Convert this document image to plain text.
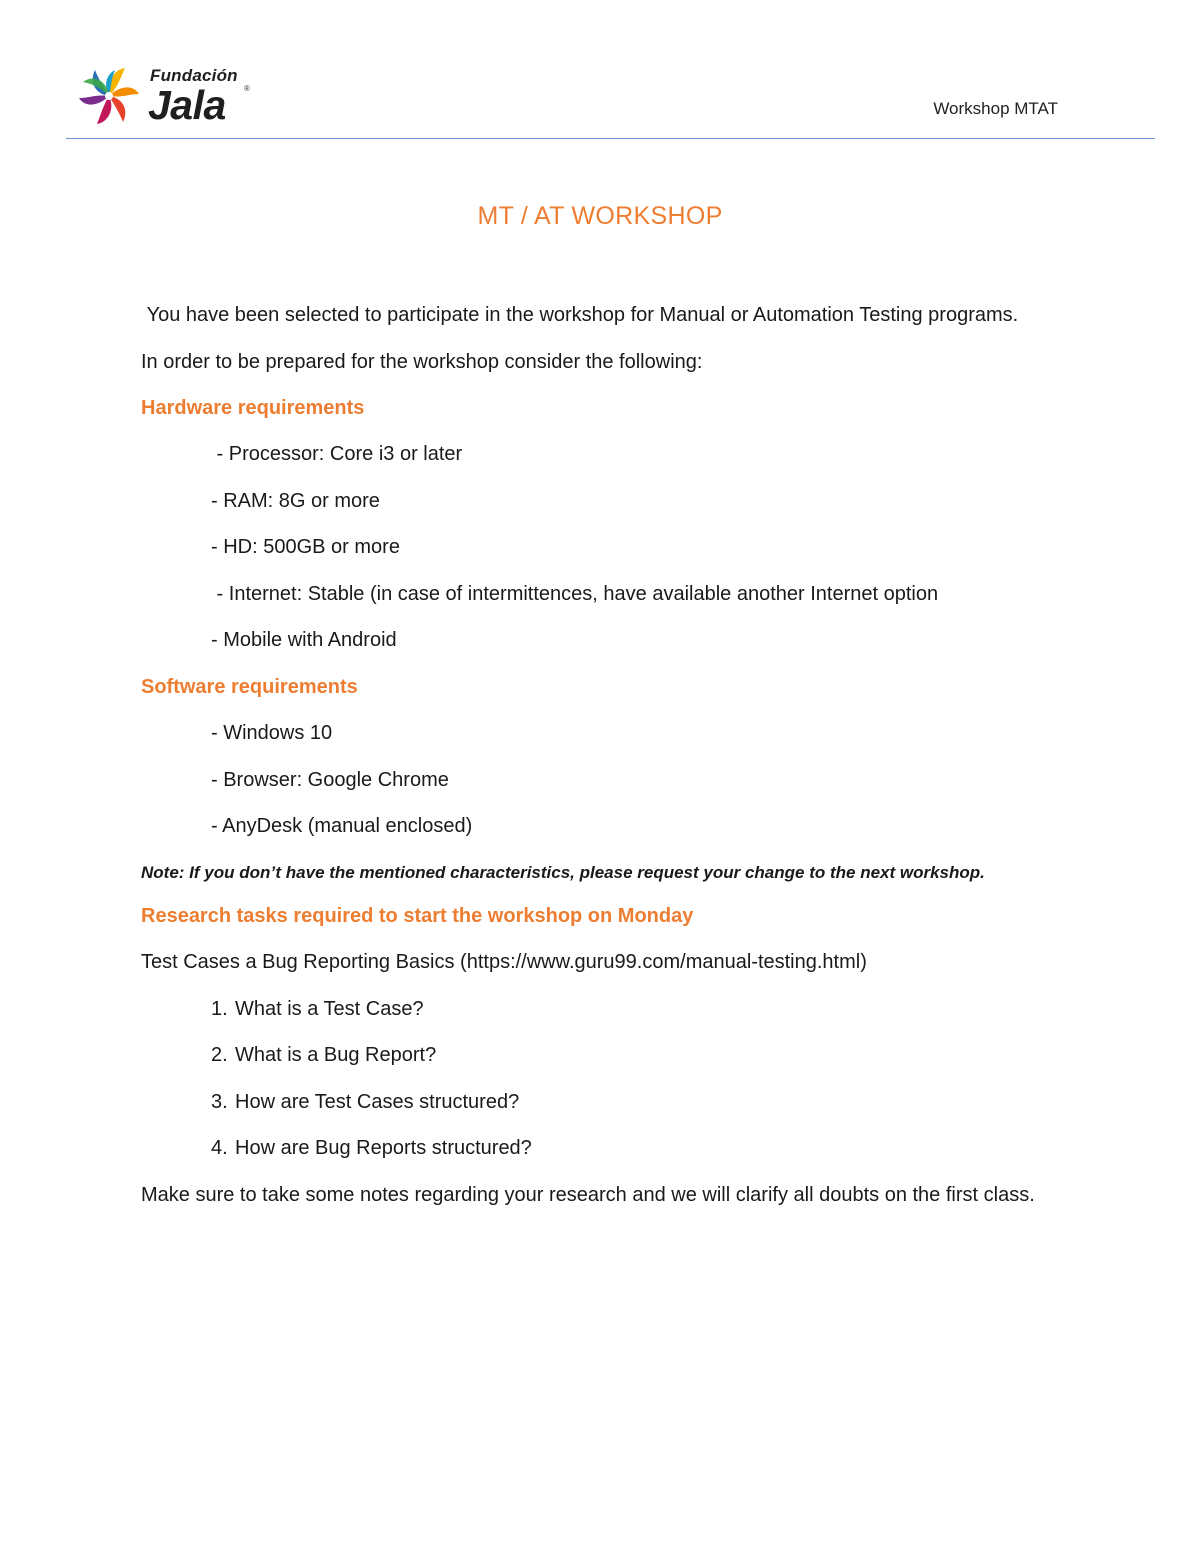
Fundación
Jala ®
Workshop MTAT
MT / AT WORKSHOP

You have been selected to participate in the workshop for Manual or Automation Testing programs.

In order to be prepared for the workshop consider the following:

Hardware requirements

- Processor: Core i3 or later

- RAM: 8G or more

- HD: 500GB or more

- Internet: Stable (in case of intermittences, have available another Internet option

- Mobile with Android

Software requirements

- Windows 10

- Browser: Google Chrome

- AnyDesk (manual enclosed)

Note: If you don’t have the mentioned characteristics, please request your change to the next workshop.

Research tasks required to start the workshop on Monday

Test Cases a Bug Reporting Basics (https://www.guru99.com/manual-testing.html)

1. What is a Test Case?

2. What is a Bug Report?

3. How are Test Cases structured?

4. How are Bug Reports structured?

Make sure to take some notes regarding your research and we will clarify all doubts on the first class.
